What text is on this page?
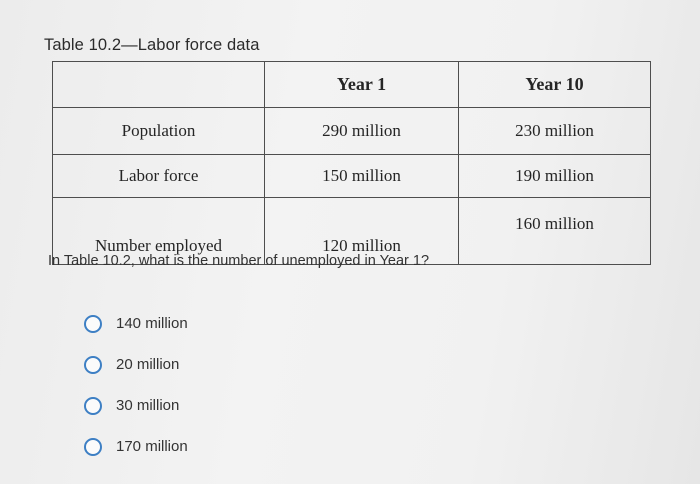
Table 10.2—Labor force data
	Year 1	Year 10
Population	290 million	230 million
Labor force	150 million	190 million
Number employed	120 million	160 million
In Table 10.2, what is the number of unemployed in Year 1?
140 million
20 million
30 million
170 million
